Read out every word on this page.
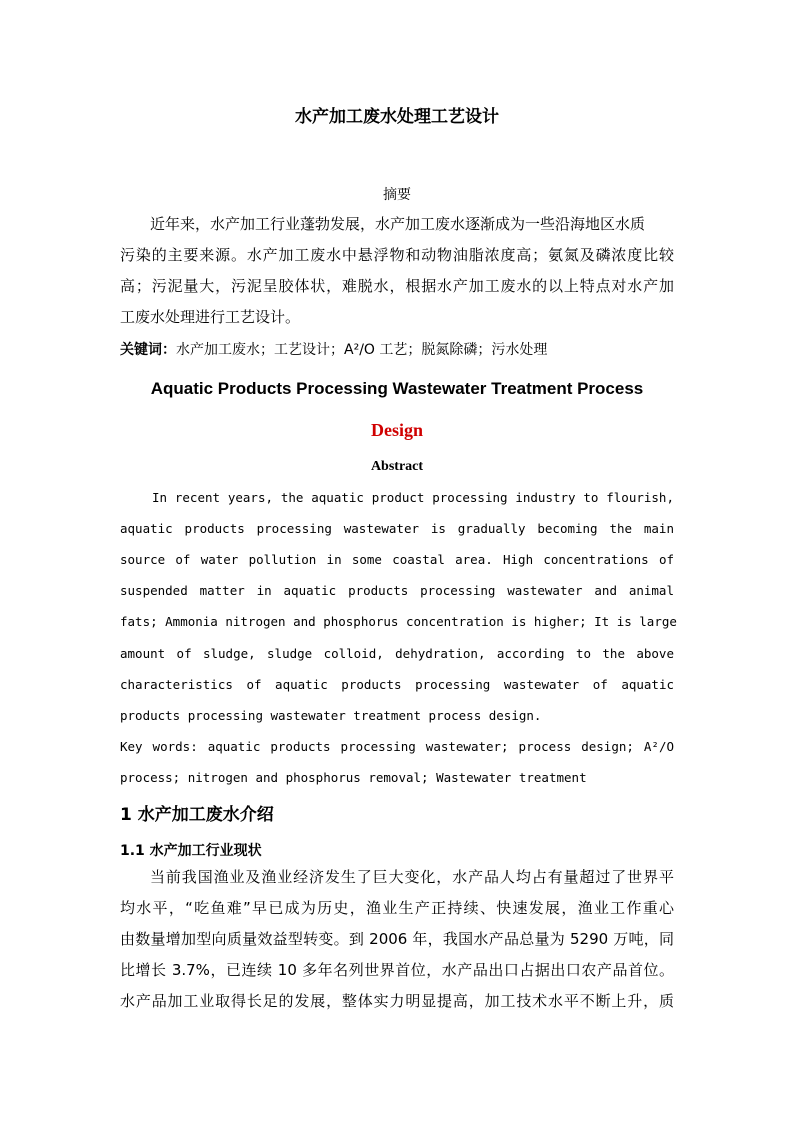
水产加工废水处理工艺设计
摘要
近年来，水产加工行业蓬勃发展，水产加工废水逐渐成为一些沿海地区水质
污染的主要来源。水产加工废水中悬浮物和动物油脂浓度高；氨氮及磷浓度比较
高；污泥量大，污泥呈胶体状，难脱水，根据水产加工废水的以上特点对水产加
工废水处理进行工艺设计。
关键词：水产加工废水；工艺设计；A²/O 工艺；脱氮除磷；污水处理
Aquatic Products Processing Wastewater Treatment Process
Design
Abstract
In recent years, the aquatic product processing industry to flourish,
aquatic products processing wastewater is gradually becoming the main
source of water pollution in some coastal area. High concentrations of
suspended matter in aquatic products processing wastewater and animal
fats; Ammonia nitrogen and phosphorus concentration is higher; It is large
amount of sludge, sludge colloid, dehydration, according to the above
characteristics of aquatic products processing wastewater of aquatic
products processing wastewater treatment process design.
Key words: aquatic products processing wastewater; process design; A²/O
process; nitrogen and phosphorus removal; Wastewater treatment
1 水产加工废水介绍
1.1 水产加工行业现状
当前我国渔业及渔业经济发生了巨大变化，水产品人均占有量超过了世界平
均水平，“吃鱼难”早已成为历史，渔业生产正持续、快速发展，渔业工作重心
由数量增加型向质量效益型转变。到 2006 年，我国水产品总量为 5290 万吨，同
比增长 3.7%，已连续 10 多年名列世界首位，水产品出口占据出口农产品首位。
水产品加工业取得长足的发展，整体实力明显提高，加工技术水平不断上升，质
